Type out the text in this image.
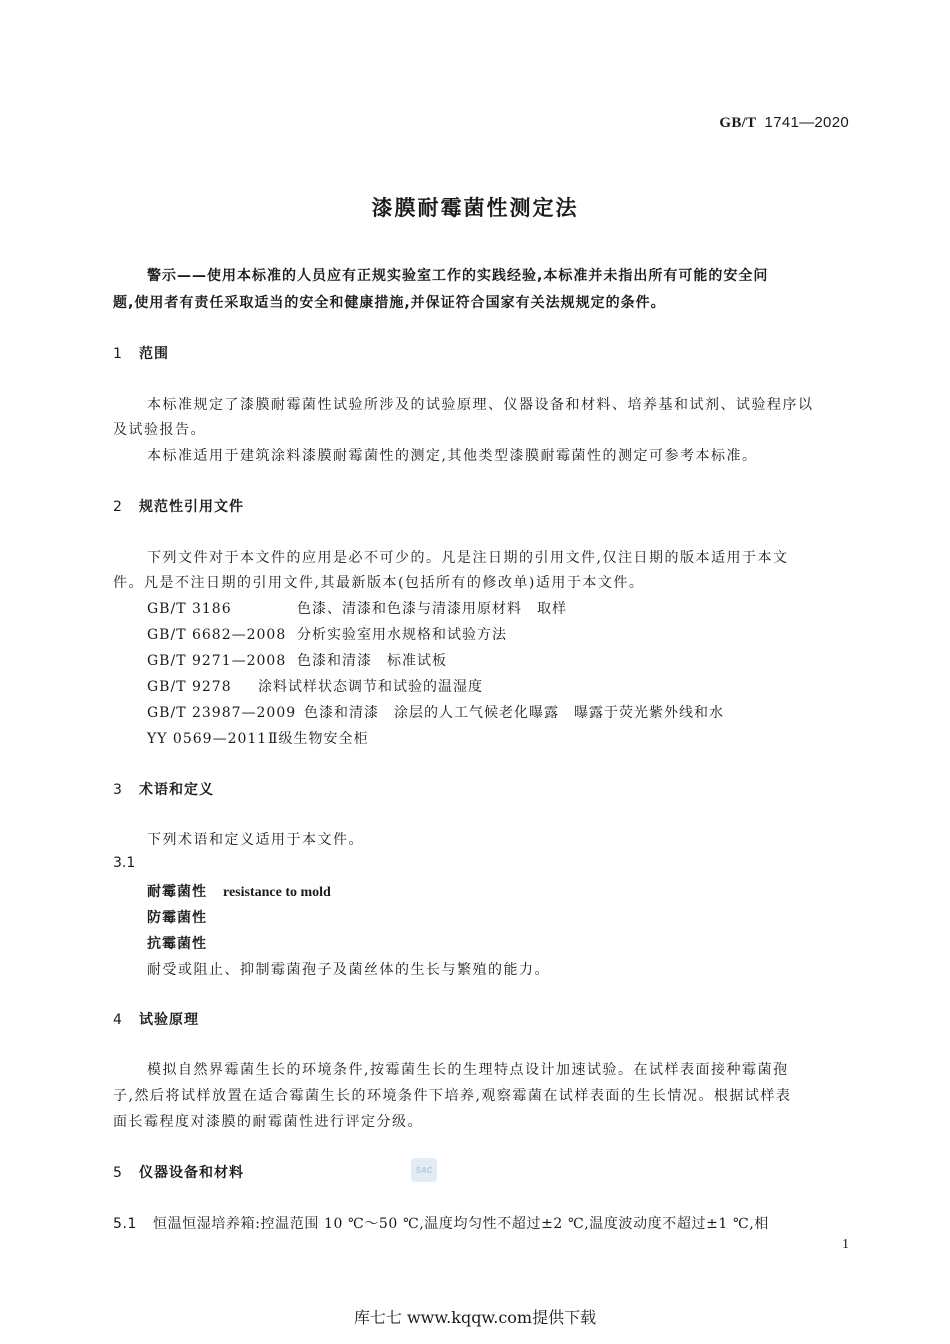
GB/T 1741—2020
漆膜耐霉菌性测定法
警示——使用本标准的人员应有正规实验室工作的实践经验,本标准并未指出所有可能的安全问
题,使用者有责任采取适当的安全和健康措施,并保证符合国家有关法规规定的条件。
1 范围
本标准规定了漆膜耐霉菌性试验所涉及的试验原理、仪器设备和材料、培养基和试剂、试验程序以
及试验报告。
本标准适用于建筑涂料漆膜耐霉菌性的测定,其他类型漆膜耐霉菌性的测定可参考本标准。
2 规范性引用文件
下列文件对于本文件的应用是必不可少的。凡是注日期的引用文件,仅注日期的版本适用于本文
件。凡是不注日期的引用文件,其最新版本(包括所有的修改单)适用于本文件。
GB/T 3186	色漆、清漆和色漆与清漆用原材料　取样
GB/T 6682—2008 分析实验室用水规格和试验方法
GB/T 9271—2008 色漆和清漆　标准试板
GB/T 9278 涂料试样状态调节和试验的温湿度
GB/T 23987—2009 色漆和清漆　涂层的人工气候老化曝露　曝露于荧光紫外线和水
YY 0569—2011Ⅱ级生物安全柜
3 术语和定义
下列术语和定义适用于本文件。
3.1
耐霉菌性 resistance to mold
防霉菌性
抗霉菌性
耐受或阻止、抑制霉菌孢子及菌丝体的生长与繁殖的能力。
4 试验原理
模拟自然界霉菌生长的环境条件,按霉菌生长的生理特点设计加速试验。在试样表面接种霉菌孢
子,然后将试样放置在适合霉菌生长的环境条件下培养,观察霉菌在试样表面的生长情况。根据试样表
面长霉程度对漆膜的耐霉菌性进行评定分级。
5 仪器设备和材料	SAC
5.1 恒温恒湿培养箱:控温范围 10 ℃～50 ℃,温度均匀性不超过±2 ℃,温度波动度不超过±1 ℃,相
1
库七七 www.kqqw.com提供下载
